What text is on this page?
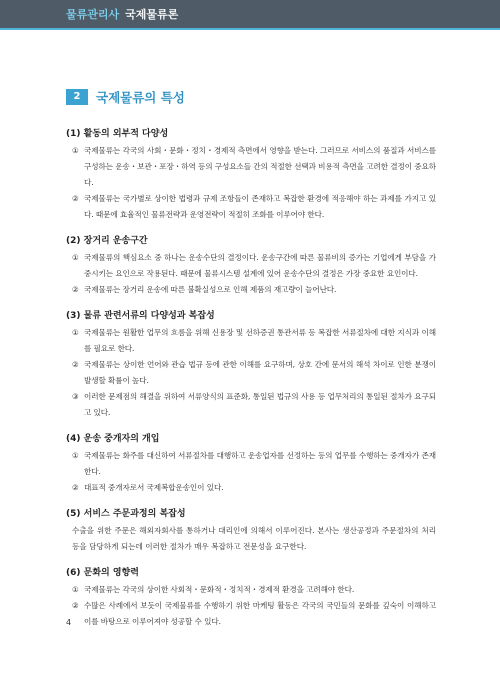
물류관리사 국제물류론
2	국제물류의 특성
(1) 활동의 외부적 다양성
① 국제물류는 각국의 사회・문화・정치・경제적 측면에서 영향을 받는다. 그러므로 서비스의 품질과 서비스를 구성하는 운송・보관・포장・하역 등의 구성요소들 간의 적절한 선택과 비용적 측면을 고려한 결정이 중요하다.
② 국제물류는 국가별로 상이한 법령과 규제 조항들이 존재하고 복잡한 환경에 적응해야 하는 과제를 가지고 있다. 때문에 효율적인 물류전략과 운영전략이 적절히 조화를 이루어야 한다.
(2) 장거리 운송구간
① 국제물류의 핵심요소 중 하나는 운송수단의 결정이다. 운송구간에 따른 물류비의 증가는 기업에게 부담을 가중시키는 요인으로 작용된다. 때문에 물류시스템 설계에 있어 운송수단의 결정은 가장 중요한 요인이다.
② 국제물류는 장거리 운송에 따른 불확실성으로 인해 제품의 재고량이 늘어난다.
(3) 물류 관련서류의 다양성과 복잡성
① 국제물류는 원활한 업무의 흐름을 위해 신용장 및 선하증권 통관서류 등 복잡한 서류절차에 대한 지식과 이해를 필요로 한다.
② 국제물류는 상이한 언어와 관습 법규 등에 관한 이해를 요구하며, 상호 간에 문서의 해석 차이로 인한 분쟁이 발생할 확률이 높다.
③ 이러한 문제점의 해결을 위하여 서류양식의 표준화, 통일된 법규의 사용 등 업무처리의 통일된 절차가 요구되고 있다.
(4) 운송 중개자의 개입
① 국제물류는 화주를 대신하여 서류절차를 대행하고 운송업자를 선정하는 등의 업무를 수행하는 중개자가 존재한다.
② 대표적 중개자로서 국제복합운송인이 있다.
(5) 서비스 주문과정의 복잡성
수출을 위한 주문은 해외자회사를 통하거나 대리인에 의해서 이루어진다. 본사는 생산공정과 주문절차의 처리 등을 담당하게 되는데 이러한 절차가 매우 복잡하고 전문성을 요구한다.
(6) 문화의 영향력
① 국제물류는 각국의 상이한 사회적・문화적・정치적・경제적 환경을 고려해야 한다.
② 수많은 사례에서 보듯이 국제물류를 수행하기 위한 마케팅 활동은 각국의 국민들의 문화를 깊숙이 이해하고 이를 바탕으로 이루어져야 성공할 수 있다.
4
